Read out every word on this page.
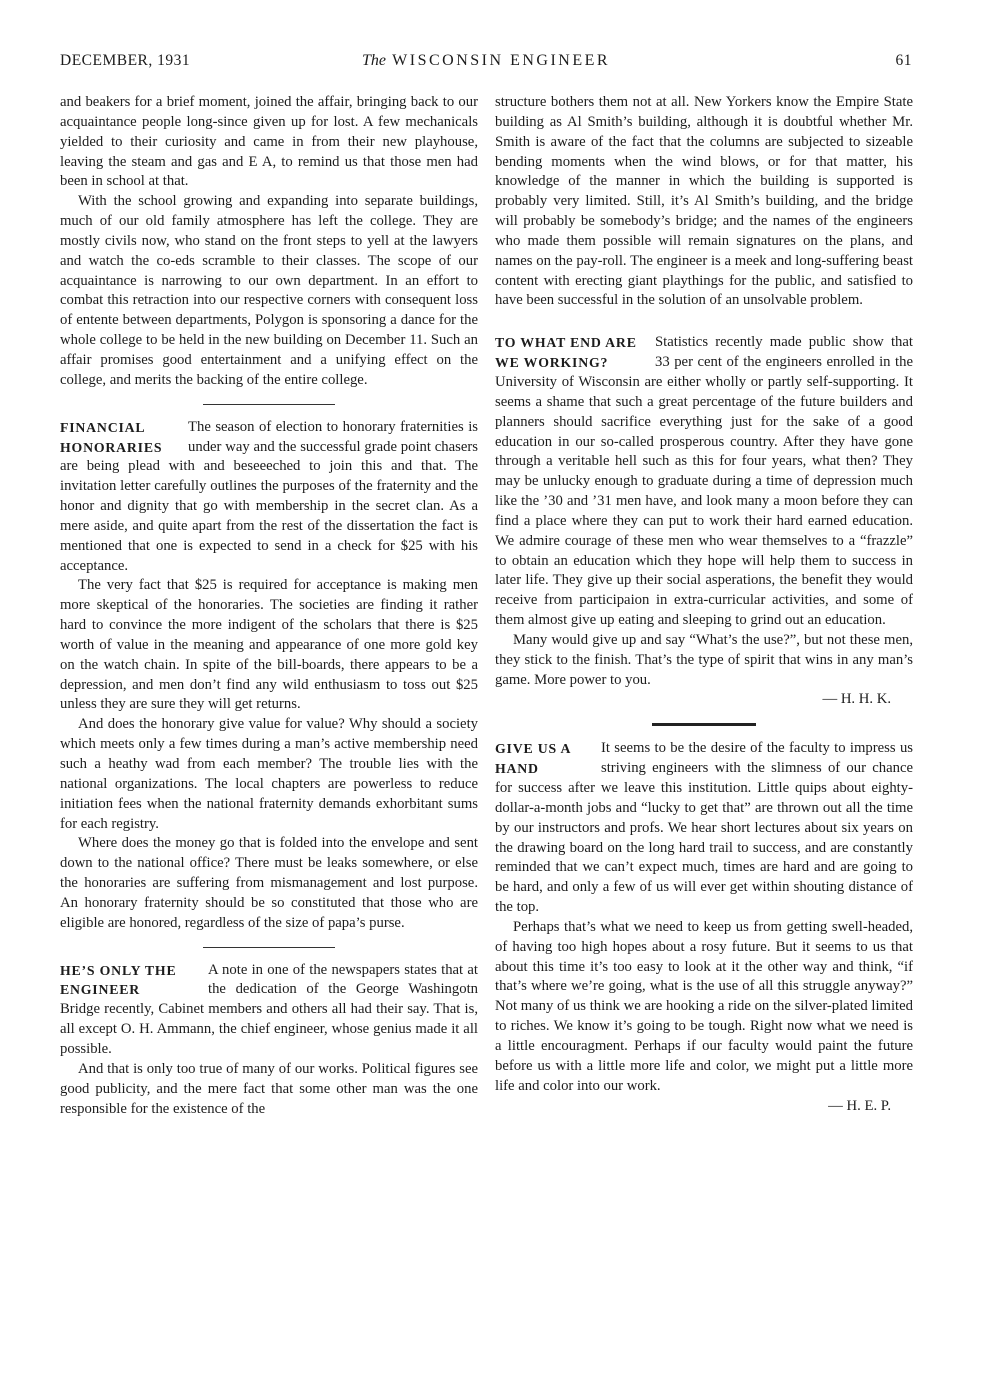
DECEMBER, 1931	The WISCONSIN ENGINEER	61

and beakers for a brief moment, joined the affair, bringing back to our acquaintance people long-since given up for lost. A few mechanicals yielded to their curiosity and came in from their new playhouse, leaving the steam and gas and E A, to remind us that those men had been in school at that.

With the school growing and expanding into separate buildings, much of our old family atmosphere has left the college. They are mostly civils now, who stand on the front steps to yell at the lawyers and watch the co-eds scramble to their classes. The scope of our acquaintance is narrowing to our own department. In an effort to combat this retraction into our respective corners with consequent loss of entente between departments, Polygon is sponsoring a dance for the whole college to be held in the new building on December 11. Such an affair promises good entertainment and a unifying effect on the college, and merits the backing of the entire college.

FINANCIAL HONORARIES
The season of election to honorary fraternities is under way and the successful grade point chasers are being plead with and beseeeched to join this and that. The invitation letter carefully outlines the purposes of the fraternity and the honor and dignity that go with membership in the secret clan. As a mere aside, and quite apart from the rest of the dissertation the fact is mentioned that one is expected to send in a check for $25 with his acceptance.

The very fact that $25 is required for acceptance is making men more skeptical of the honoraries. The societies are finding it rather hard to convince the more indigent of the scholars that there is $25 worth of value in the meaning and appearance of one more gold key on the watch chain. In spite of the bill-boards, there appears to be a depression, and men don’t find any wild enthusiasm to toss out $25 unless they are sure they will get returns.

And does the honorary give value for value? Why should a society which meets only a few times during a man’s active membership need such a heathy wad from each member? The trouble lies with the national organizations. The local chapters are powerless to reduce initiation fees when the national fraternity demands exhorbitant sums for each registry.

Where does the money go that is folded into the envelope and sent down to the national office? There must be leaks somewhere, or else the honoraries are suffering from mismanagement and lost purpose. An honorary fraternity should be so constituted that those who are eligible are honored, regardless of the size of papa’s purse.

HE’S ONLY THE ENGINEER
A note in one of the newspapers states that at the dedication of the George Washingotn Bridge recently, Cabinet members and others all had their say. That is, all except O. H. Ammann, the chief engineer, whose genius made it all possible.

And that is only too true of many of our works. Political figures see good publicity, and the mere fact that some other man was the one responsible for the existence of the

structure bothers them not at all. New Yorkers know the Empire State building as Al Smith’s building, although it is doubtful whether Mr. Smith is aware of the fact that the columns are subjected to sizeable bending moments when the wind blows, or for that matter, his knowledge of the manner in which the building is supported is probably very limited. Still, it’s Al Smith’s building, and the bridge will probably be somebody’s bridge; and the names of the engineers who made them possible will remain signatures on the plans, and names on the pay-roll. The engineer is a meek and long-suffering beast content with erecting giant playthings for the public, and satisfied to have been successful in the solution of an unsolvable problem.

TO WHAT END ARE WE WORKING?
Statistics recently made public show that 33 per cent of the engineers enrolled in the University of Wisconsin are either wholly or partly self-supporting. It seems a shame that such a great percentage of the future builders and planners should sacrifice everything just for the sake of a good education in our so-called prosperous country. After they have gone through a veritable hell such as this for four years, what then? They may be unlucky enough to graduate during a time of depression much like the ’30 and ’31 men have, and look many a moon before they can find a place where they can put to work their hard earned education. We admire courage of these men who wear themselves to a “frazzle” to obtain an education which they hope will help them to success in later life. They give up their social asperations, the benefit they would receive from participaion in extra-curricular activities, and some of them almost give up eating and sleeping to grind out an education.

Many would give up and say “What’s the use?”, but not these men, they stick to the finish. That’s the type of spirit that wins in any man’s game. More power to you.

— H. H. K.

GIVE US A HAND
It seems to be the desire of the faculty to impress us striving engineers with the slimness of our chance for success after we leave this institution. Little quips about eighty-dollar-a-month jobs and “lucky to get that” are thrown out all the time by our instructors and profs. We hear short lectures about six years on the drawing board on the long hard trail to success, and are constantly reminded that we can’t expect much, times are hard and are going to be hard, and only a few of us will ever get within shouting distance of the top.

Perhaps that’s what we need to keep us from getting swell-headed, of having too high hopes about a rosy future. But it seems to us that about this time it’s too easy to look at it the other way and think, “if that’s where we’re going, what is the use of all this struggle anyway?” Not many of us think we are hooking a ride on the silver-plated limited to riches. We know it’s going to be tough. Right now what we need is a little encouragment. Perhaps if our faculty would paint the future before us with a little more life and color, we might put a little more life and color into our work.

— H. E. P.
